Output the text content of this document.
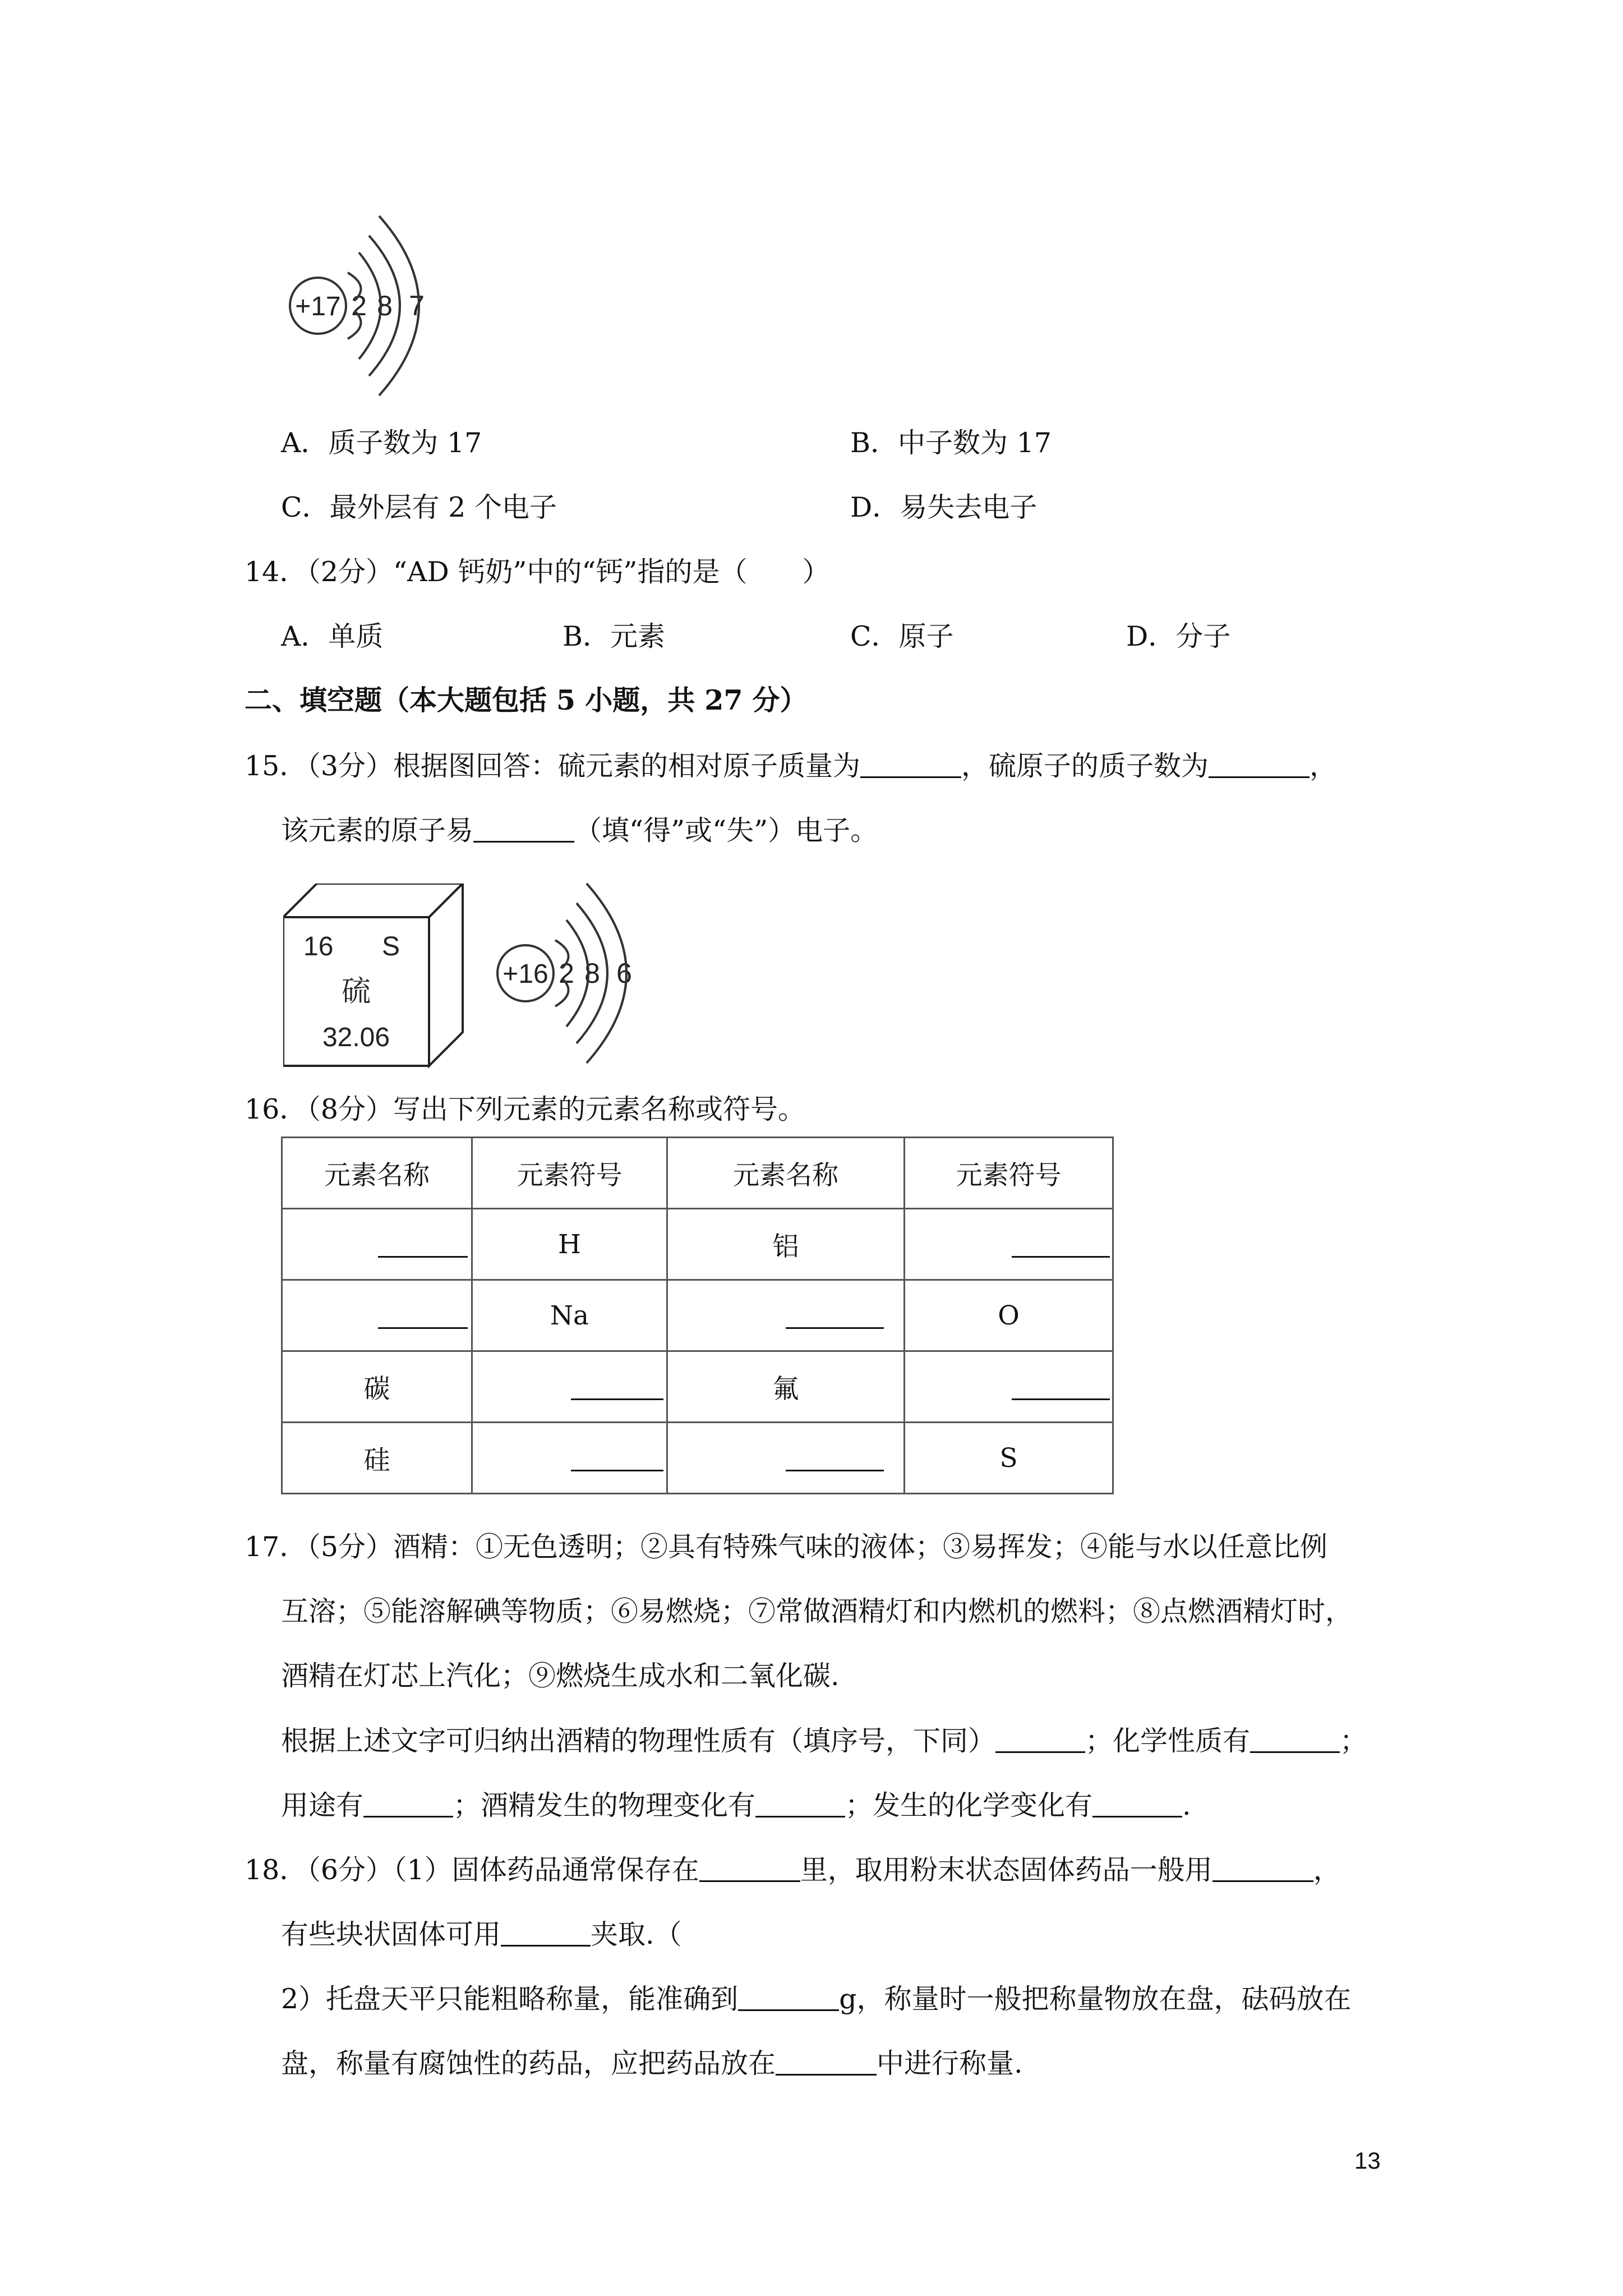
+17 2 8 7
A．质子数为 17	B．中子数为 17
C．最外层有 2 个电子	D．易失去电子
14．（2分）“AD 钙奶”中的“钙”指的是（　　）
A．单质	B．元素	C．原子	D．分子
二、填空题（本大题包括 5 小题，共 27 分）
15．（3分）根据图回答：硫元素的相对原子质量为	，硫原子的质子数为	，
该元素的原子易	（填“得”或“失”）电子。
16 S
硫
32.06
+16 2 8 6
16．（8分）写出下列元素的元素名称或符号。
元素名称	元素符号	元素名称	元素符号

	H	铝	

	Na		O
碳		氟	

硅			S
17．（5分）酒精：①无色透明；②具有特殊气味的液体；③易挥发；④能与水以任意比例
互溶；⑤能溶解碘等物质；⑥易燃烧；⑦常做酒精灯和内燃机的燃料；⑧点燃酒精灯时，
酒精在灯芯上汽化；⑨燃烧生成水和二氧化碳.
根据上述文字可归纳出酒精的物理性质有（填序号，下同）	；化学性质有	；
用途有	；酒精发生的物理变化有	；发生的化学变化有	.
18．（6分）（1）固体药品通常保存在	里，取用粉末状态固体药品一般用	，
有些块状固体可用	夹取.（
2）托盘天平只能粗略称量，能准确到	g，称量时一般把称量物放在盘，砝码放在
盘，称量有腐蚀性的药品，应把药品放在	中进行称量.
13
